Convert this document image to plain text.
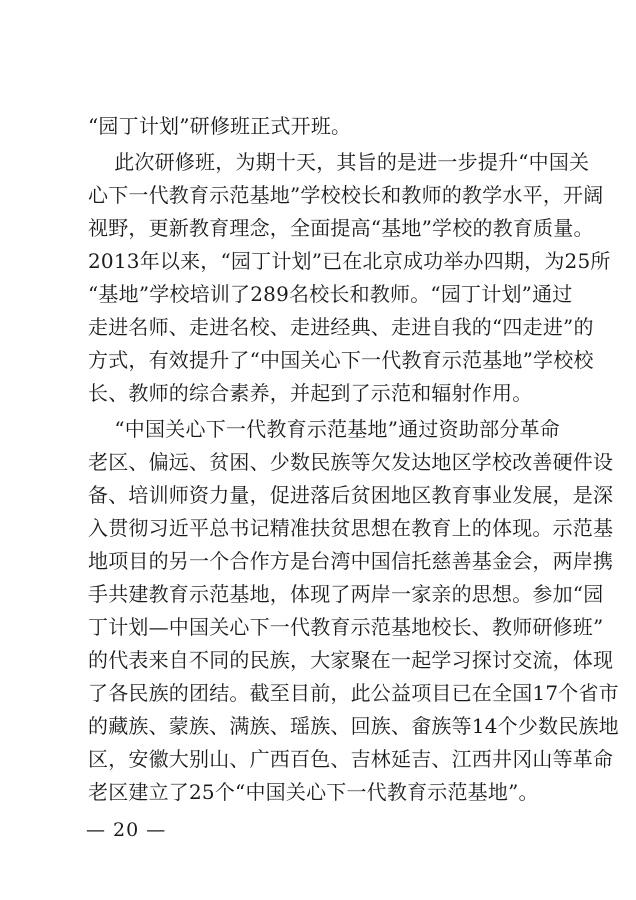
“园丁计划”研修班正式开班。
此次研修班，为期十天，其旨的是进一步提升“中国关
心下一代教育示范基地”学校校长和教师的教学水平，开阔
视野，更新教育理念，全面提高“基地”学校的教育质量。
2013年以来，“园丁计划”已在北京成功举办四期，为25所
“基地”学校培训了289名校长和教师。“园丁计划”通过
走进名师、走进名校、走进经典、走进自我的“四走进”的
方式，有效提升了“中国关心下一代教育示范基地”学校校
长、教师的综合素养，并起到了示范和辐射作用。
“中国关心下一代教育示范基地”通过资助部分革命
老区、偏远、贫困、少数民族等欠发达地区学校改善硬件设
备、培训师资力量，促进落后贫困地区教育事业发展，是深
入贯彻习近平总书记精准扶贫思想在教育上的体现。示范基
地项目的另一个合作方是台湾中国信托慈善基金会，两岸携
手共建教育示范基地，体现了两岸一家亲的思想。参加“园
丁计划—中国关心下一代教育示范基地校长、教师研修班”
的代表来自不同的民族，大家聚在一起学习探讨交流，体现
了各民族的团结。截至目前，此公益项目已在全国17个省市
的藏族、蒙族、满族、瑶族、回族、畲族等14个少数民族地
区，安徽大别山、广西百色、吉林延吉、江西井冈山等革命
老区建立了25个“中国关心下一代教育示范基地”。
— 20 —
